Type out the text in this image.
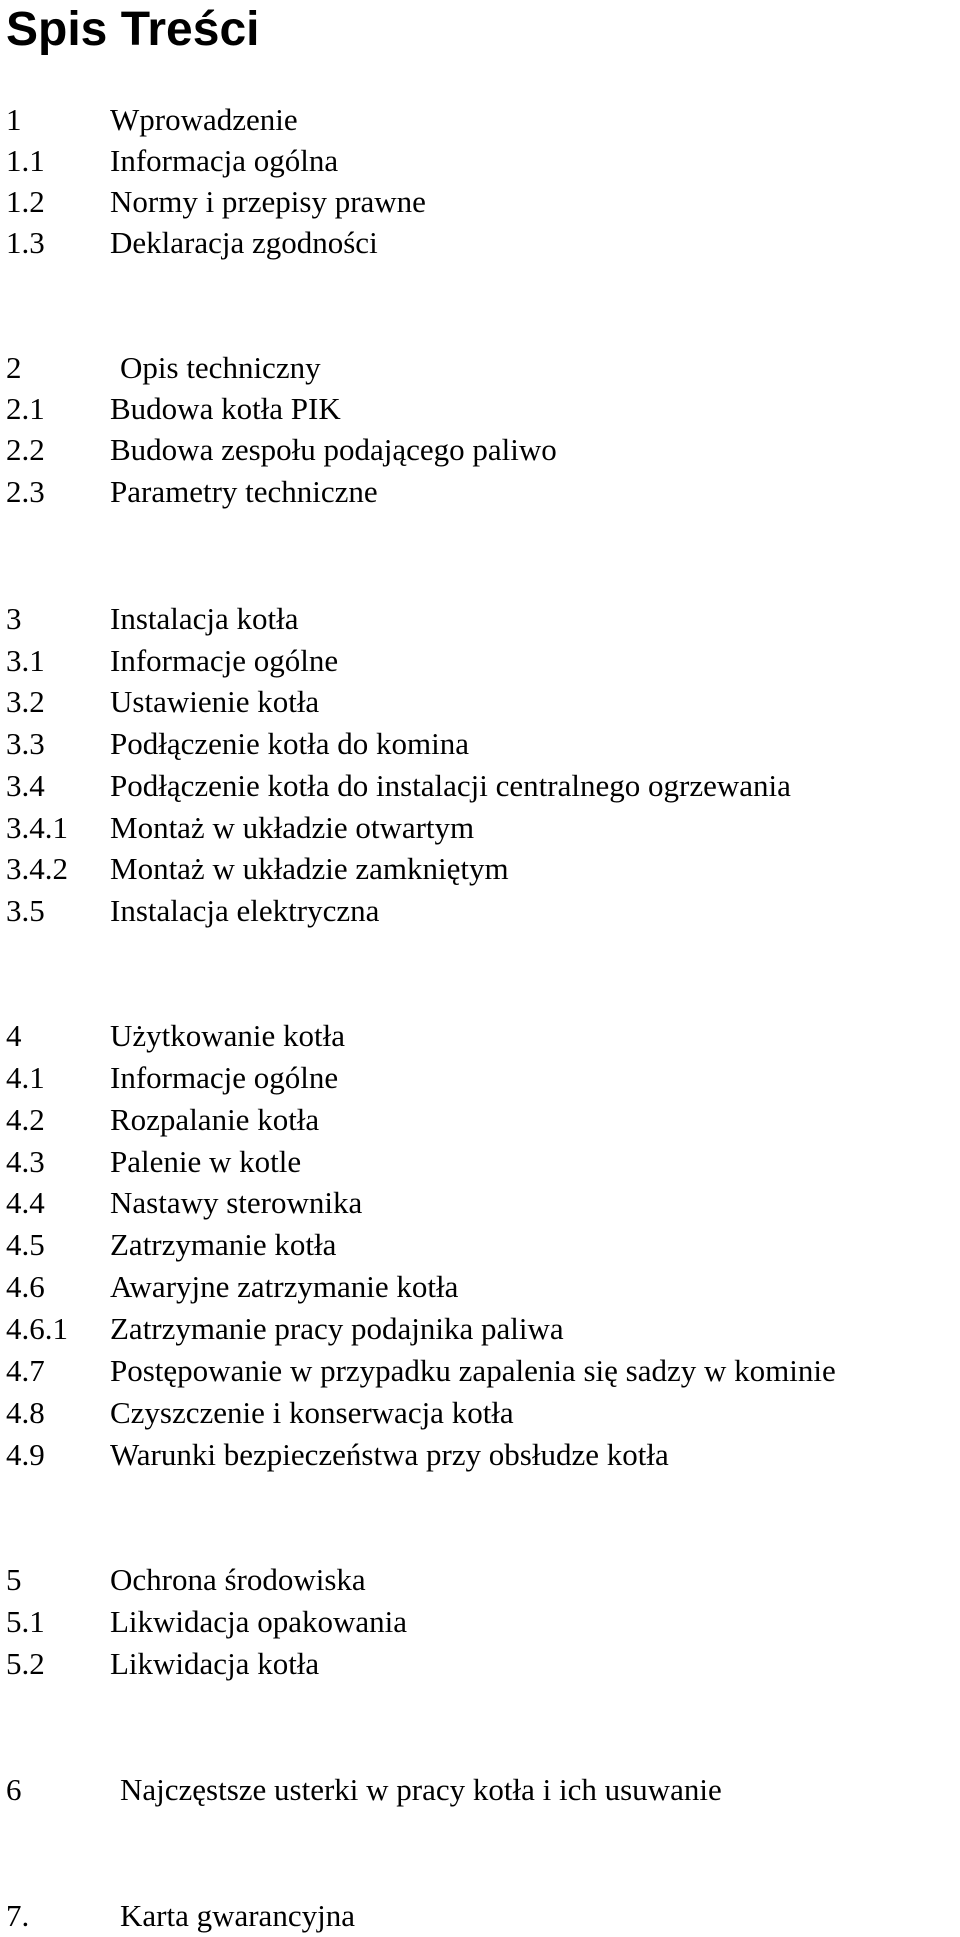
Spis Treści
1	Wprowadzenie
1.1 Informacja ogólna
1.2 Normy i przepisy prawne
1.3 Deklaracja zgodności
2	Opis techniczny
2.1 Budowa kotła PIK
2.2 Budowa zespołu podającego paliwo
2.3 Parametry techniczne
3	Instalacja kotła
3.1 Informacje ogólne
3.2 Ustawienie kotła
3.3 Podłączenie kotła do komina
3.4 Podłączenie kotła do instalacji centralnego ogrzewania
3.4.1 Montaż w układzie otwartym
3.4.2 Montaż w układzie zamkniętym
3.5 Instalacja elektryczna
4	Użytkowanie kotła
4.1 Informacje ogólne
4.2 Rozpalanie kotła
4.3 Palenie w kotle
4.4 Nastawy sterownika
4.5 Zatrzymanie kotła
4.6 Awaryjne zatrzymanie kotła
4.6.1 Zatrzymanie pracy podajnika paliwa
4.7 Postępowanie w przypadku zapalenia się sadzy w kominie
4.8 Czyszczenie i konserwacja kotła
4.9 Warunki bezpieczeństwa przy obsłudze kotła
5	Ochrona środowiska
5.1 Likwidacja opakowania
5.2 Likwidacja kotła
6	Najczęstsze usterki w pracy kotła i ich usuwanie
7.	Karta gwarancyjna
